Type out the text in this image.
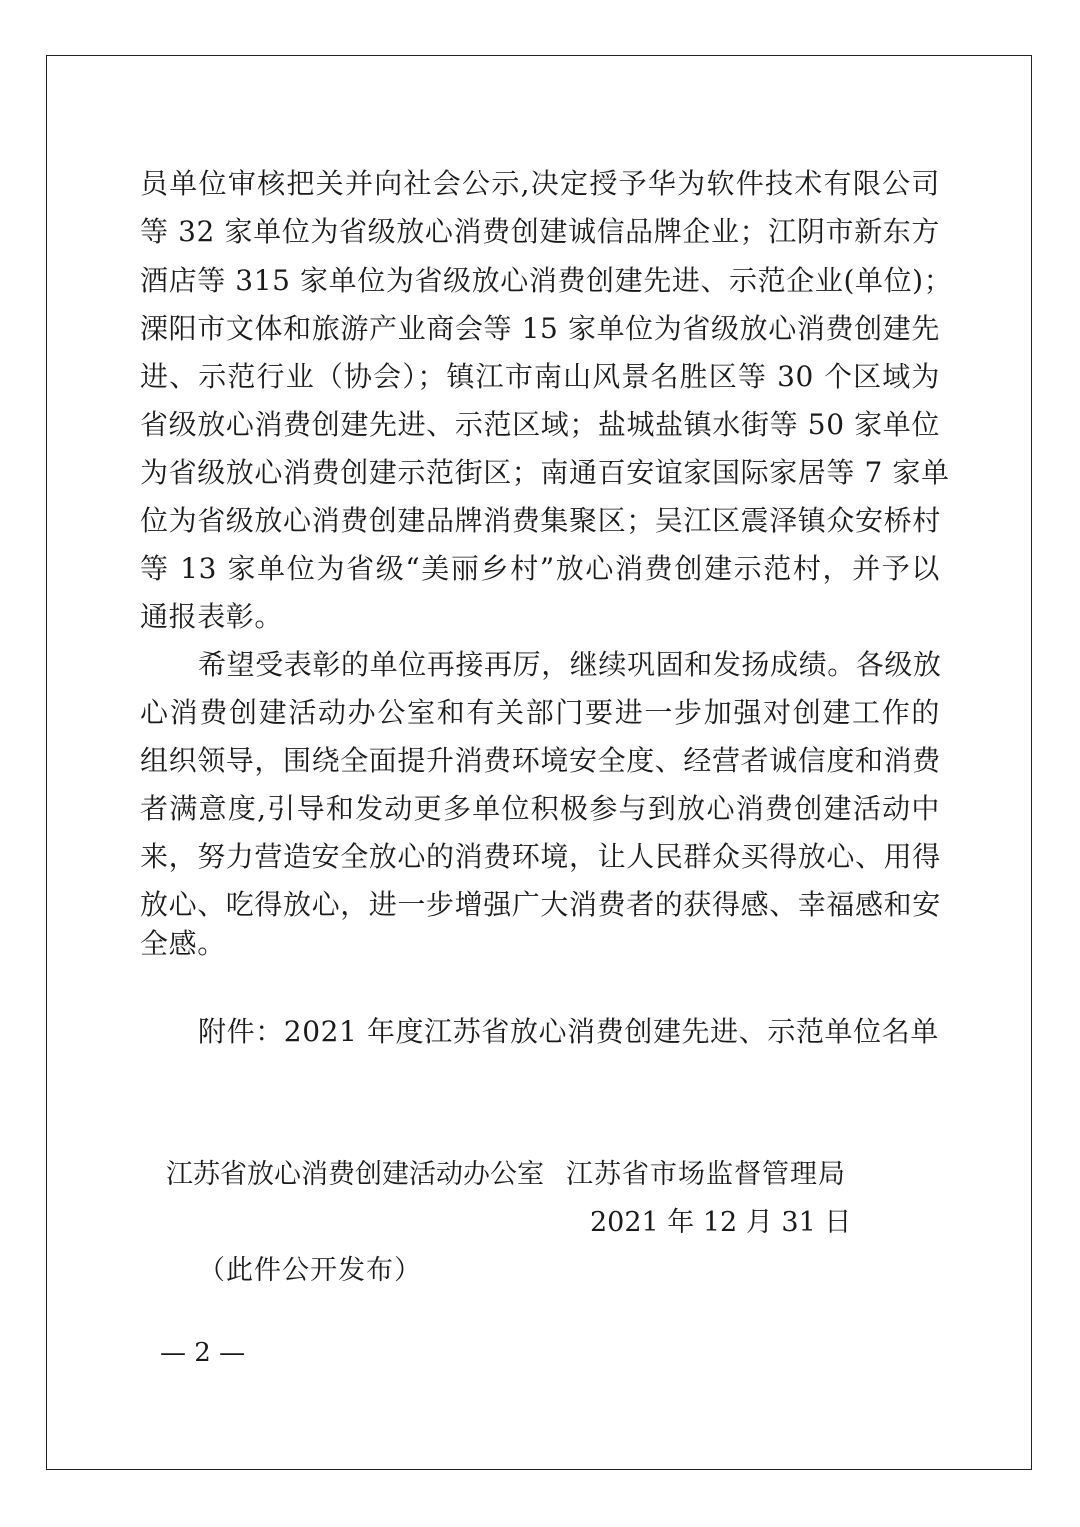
员单位审核把关并向社会公示,决定授予华为软件技术有限公司
等 32 家单位为省级放心消费创建诚信品牌企业；江阴市新东方
酒店等 315 家单位为省级放心消费创建先进、示范企业(单位)；
溧阳市文体和旅游产业商会等 15 家单位为省级放心消费创建先
进、示范行业（协会）；镇江市南山风景名胜区等 30 个区域为
省级放心消费创建先进、示范区域；盐城盐镇水街等 50 家单位
为省级放心消费创建示范街区；南通百安谊家国际家居等 7 家单
位为省级放心消费创建品牌消费集聚区；吴江区震泽镇众安桥村
等 13 家单位为省级“美丽乡村”放心消费创建示范村，并予以
通报表彰。
希望受表彰的单位再接再厉，继续巩固和发扬成绩。各级放
心消费创建活动办公室和有关部门要进一步加强对创建工作的
组织领导，围绕全面提升消费环境安全度、经营者诚信度和消费
者满意度,引导和发动更多单位积极参与到放心消费创建活动中
来，努力营造安全放心的消费环境，让人民群众买得放心、用得
放心、吃得放心，进一步增强广大消费者的获得感、幸福感和安
全感。
附件：2021 年度江苏省放心消费创建先进、示范单位名单
江苏省放心消费创建活动办公室 江苏省市场监督管理局
2021 年 12 月 31 日
（此件公开发布）
— 2 —
